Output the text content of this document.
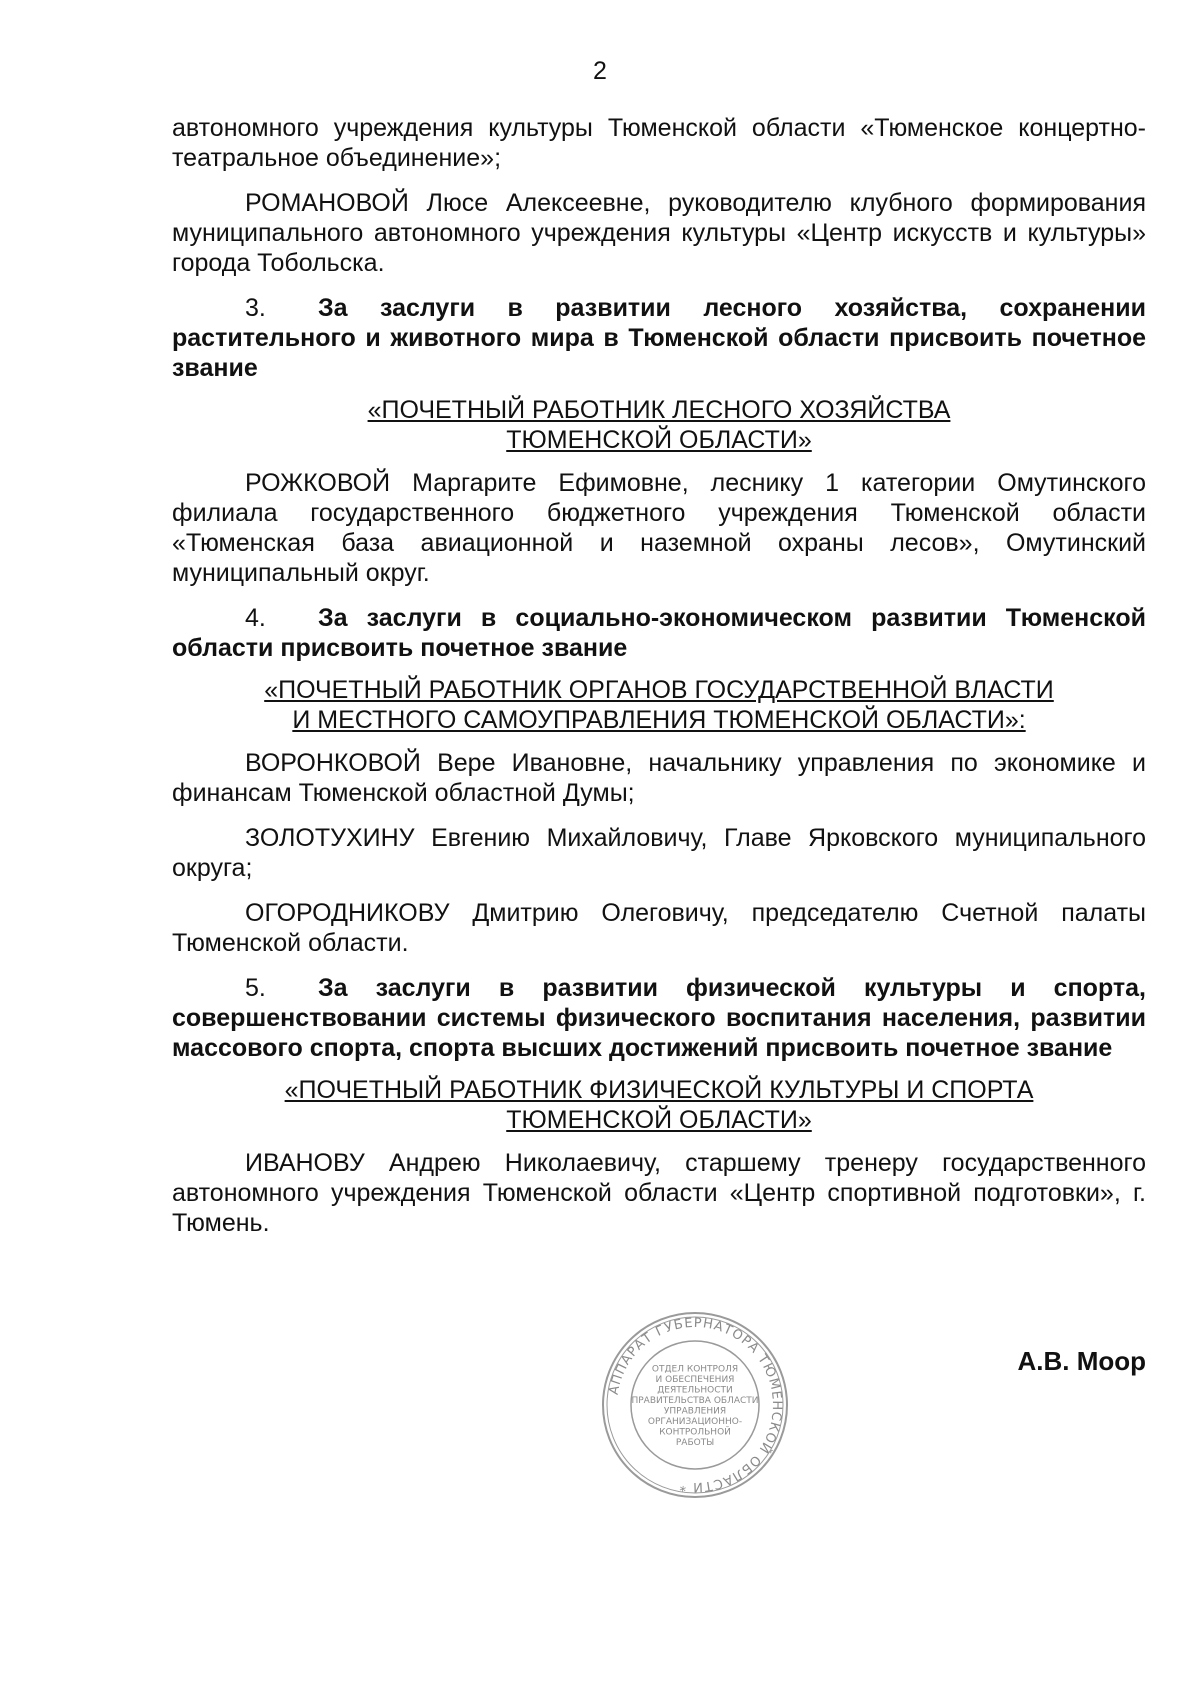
2

автономного учреждения культуры Тюменской области «Тюменское концертно-театральное объединение»;

РОМАНОВОЙ Люсе Алексеевне, руководителю клубного формирования муниципального автономного учреждения культуры «Центр искусств и культуры» города Тобольска.

3. За заслуги в развитии лесного хозяйства, сохранении растительного и животного мира в Тюменской области присвоить почетное звание

«ПОЧЕТНЫЙ РАБОТНИК ЛЕСНОГО ХОЗЯЙСТВА
ТЮМЕНСКОЙ ОБЛАСТИ»

РОЖКОВОЙ Маргарите Ефимовне, леснику 1 категории Омутинского филиала государственного бюджетного учреждения Тюменской области «Тюменская база авиационной и наземной охраны лесов», Омутинский муниципальный округ.

4. За заслуги в социально-экономическом развитии Тюменской области присвоить почетное звание

«ПОЧЕТНЫЙ РАБОТНИК ОРГАНОВ ГОСУДАРСТВЕННОЙ ВЛАСТИ
И МЕСТНОГО САМОУПРАВЛЕНИЯ ТЮМЕНСКОЙ ОБЛАСТИ»:

ВОРОНКОВОЙ Вере Ивановне, начальнику управления по экономике и финансам Тюменской областной Думы;

ЗОЛОТУХИНУ Евгению Михайловичу, Главе Ярковского муниципального округа;

ОГОРОДНИКОВУ Дмитрию Олеговичу, председателю Счетной палаты Тюменской области.

5. За заслуги в развитии физической культуры и спорта, совершенствовании системы физического воспитания населения, развитии массового спорта, спорта высших достижений присвоить почетное звание

«ПОЧЕТНЫЙ РАБОТНИК ФИЗИЧЕСКОЙ КУЛЬТУРЫ И СПОРТА
ТЮМЕНСКОЙ ОБЛАСТИ»

ИВАНОВУ Андрею Николаевичу, старшему тренеру государственного автономного учреждения Тюменской области «Центр спортивной подготовки», г. Тюмень.

АППАРАТ ГУБЕРНАТОРА ТЮМЕНСКОЙ ОБЛАСТИ *
ОТДЕЛ КОНТРОЛЯ
И ОБЕСПЕЧЕНИЯ
ДЕЯТЕЛЬНОСТИ
ПРАВИТЕЛЬСТВА ОБЛАСТИ
УПРАВЛЕНИЯ
ОРГАНИЗАЦИОННО-
КОНТРОЛЬНОЙ
РАБОТЫ
А.В. Моор
